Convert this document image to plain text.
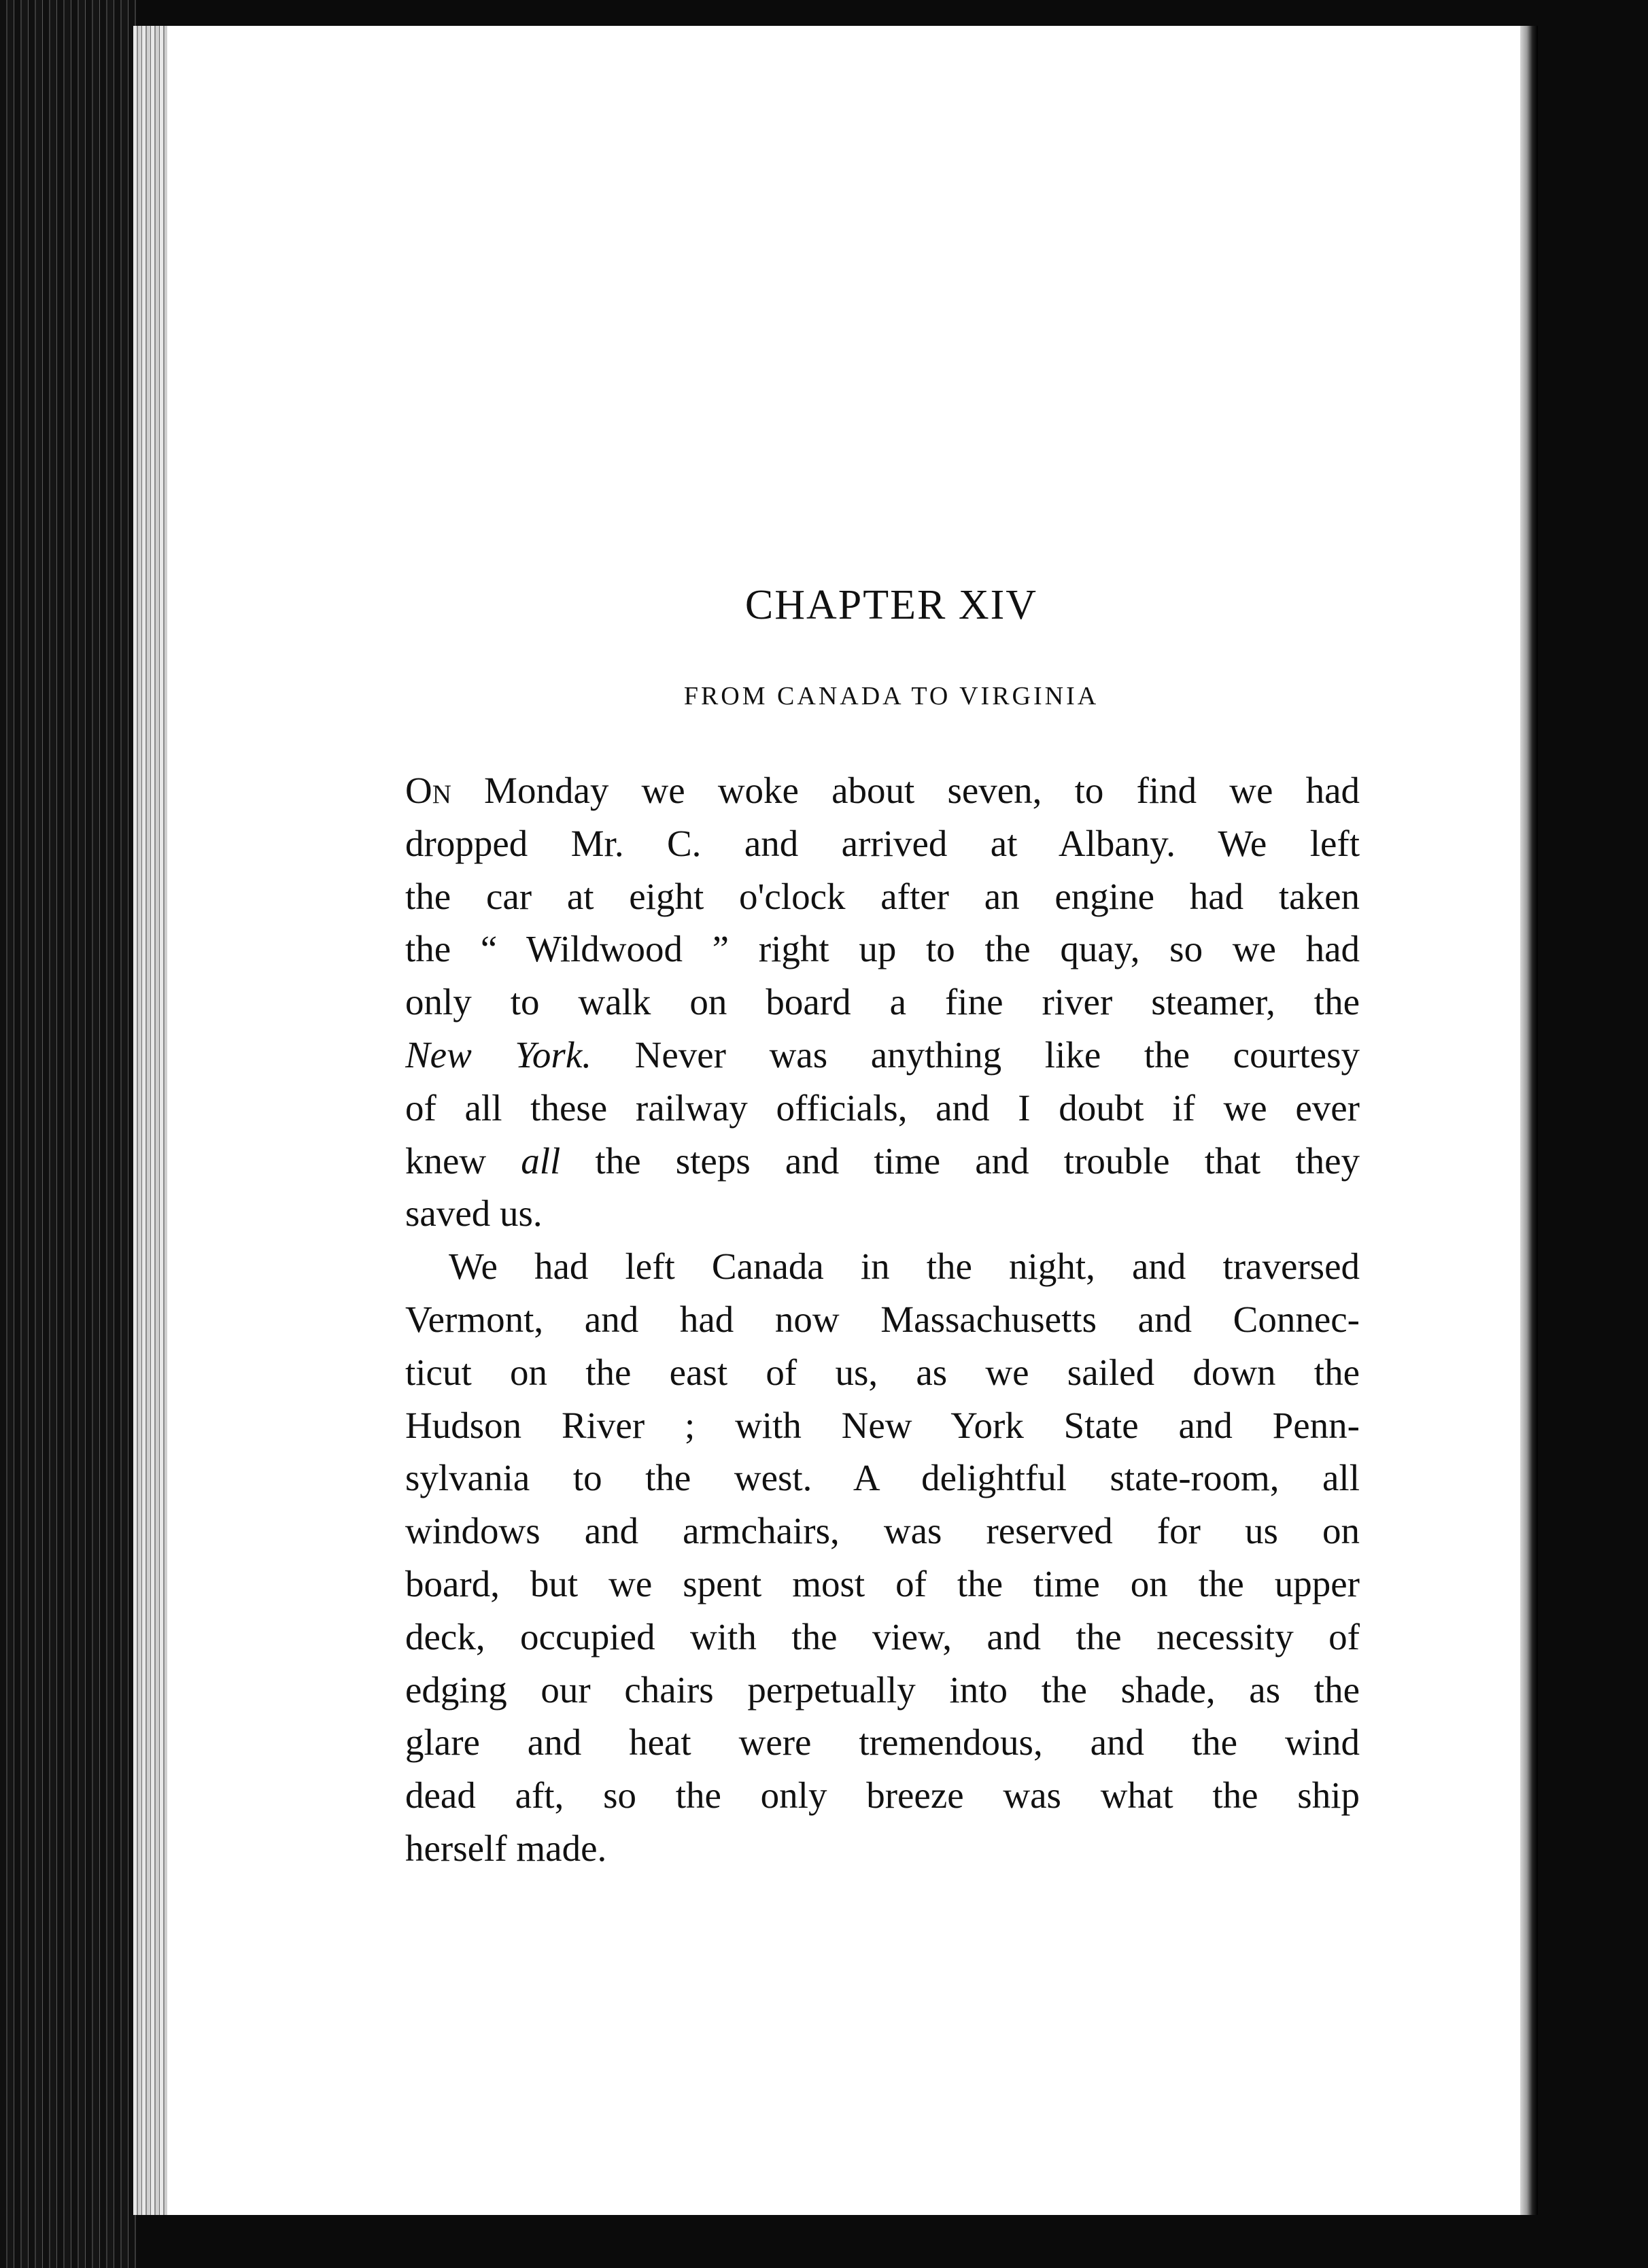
CHAPTER XIV
FROM CANADA TO VIRGINIA

On Monday we woke about seven, to find we had
dropped Mr. C. and arrived at Albany. We left
the car at eight o'clock after an engine had taken
the “ Wildwood ” right up to the quay, so we had
only to walk on board a fine river steamer, the
New York. Never was anything like the courtesy
of all these railway officials, and I doubt if we ever
knew all the steps and time and trouble that they
saved us.

We had left Canada in the night, and traversed
Vermont, and had now Massachusetts and Connec-
ticut on the east of us, as we sailed down the
Hudson River ; with New York State and Penn-
sylvania to the west. A delightful state-room, all
windows and armchairs, was reserved for us on
board, but we spent most of the time on the upper
deck, occupied with the view, and the necessity of
edging our chairs perpetually into the shade, as the
glare and heat were tremendous, and the wind
dead aft, so the only breeze was what the ship
herself made.
